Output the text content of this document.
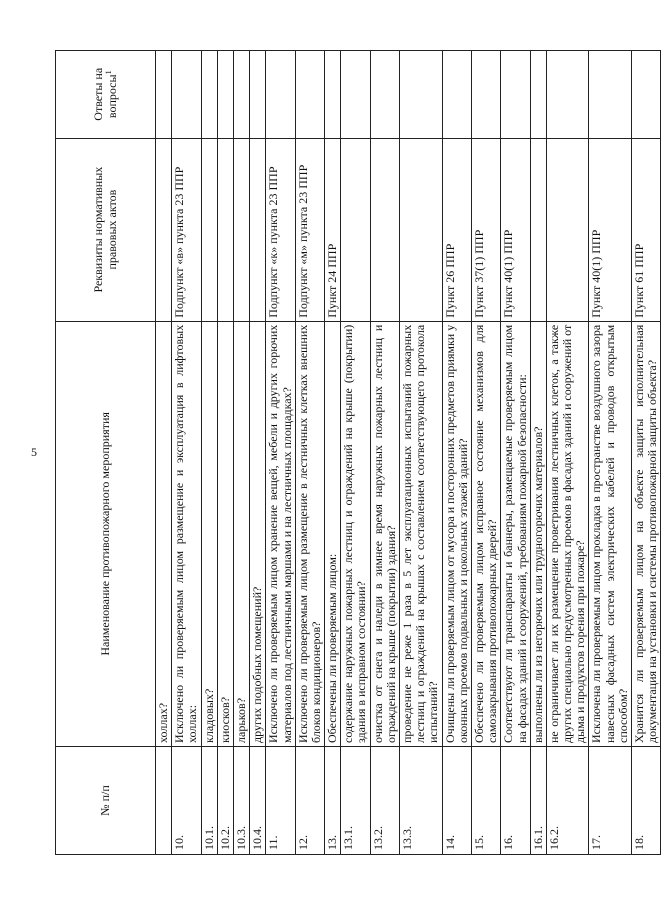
5
№ п/п	Наименование противопожарного мероприятия	Реквизиты нормативных правовых актов	Ответы на вопросы$^1$
	холлах?		
10.	Исключено ли проверяемым лицом размещение и эксплуатация в лифтовых холлах:	Подпункт «в» пункта 23 ППР	
10.1.	кладовых?		
10.2.	киосков?		
10.3.	ларьков?		
10.4.	других подобных помещений?		
11.	Исключено ли проверяемым лицом хранение вещей, мебели и других горючих материалов под лестничными маршами и на лестничных площадках?	Подпункт «к» пункта 23 ППР	
12.	Исключено ли проверяемым лицом размещение в лестничных клетках внешних блоков кондиционеров?	Подпункт «м» пункта 23 ППР	
13.	Обеспечены ли проверяемым лицом:	Пункт 24 ППР	
13.1.	содержание наружных пожарных лестниц и ограждений на крыше (покрытии) здания в исправном состоянии?		
13.2.	очистка от снега и наледи в зимнее время наружных пожарных лестниц и ограждений на крыше (покрытии) здания?		
13.3.	проведение не реже 1 раза в 5 лет эксплуатационных испытаний пожарных лестниц и ограждений на крышах с составлением соответствующего протокола испытаний?		
14.	Очищены ли проверяемым лицом от мусора и посторонних предметов приямки у оконных проемов подвальных и цокольных этажей зданий?	Пункт 26 ППР	
15.	Обеспечено ли проверяемым лицом исправное состояние механизмов для самозакрывания противопожарных дверей?	Пункт 37(1) ППР	
16.	Соответствуют ли транспаранты и баннеры, размещаемые проверяемым лицом на фасадах зданий и сооружений, требованиям пожарной безопасности:	Пункт 40(1) ППР	
16.1.	выполнены ли из негорючих или трудногорючих материалов?		
16.2.	не ограничивает ли их размещение проветривания лестничных клеток, а также других специально предусмотренных проемов в фасадах зданий и сооружений от дыма и продуктов горения при пожаре?		
17.	Исключена ли проверяемым лицом прокладка в пространстве воздушного зазора навесных фасадных систем электрических кабелей и проводов открытым способом?	Пункт 40(1) ППР	
18.	Хранится ли проверяемым лицом на объекте защиты исполнительная документация на установки и системы противопожарной защиты объекта?	Пункт 61 ППР	
